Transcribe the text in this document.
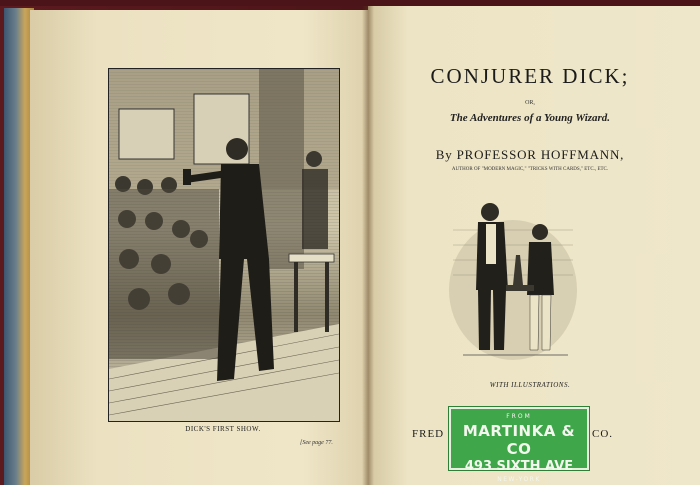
DICK'S FIRST SHOW.
[See page 77.
CONJURER DICK;
OR,
The Adventures of a Young Wizard.
By PROFESSOR HOFFMANN,
AUTHOR OF "MODERN MAGIC," "TRICKS WITH CARDS," ETC., ETC.
WITH ILLUSTRATIONS.
FRED	CO.
FROM
MARTINKA & CO
493 SIXTH AVE
NEW-YORK
